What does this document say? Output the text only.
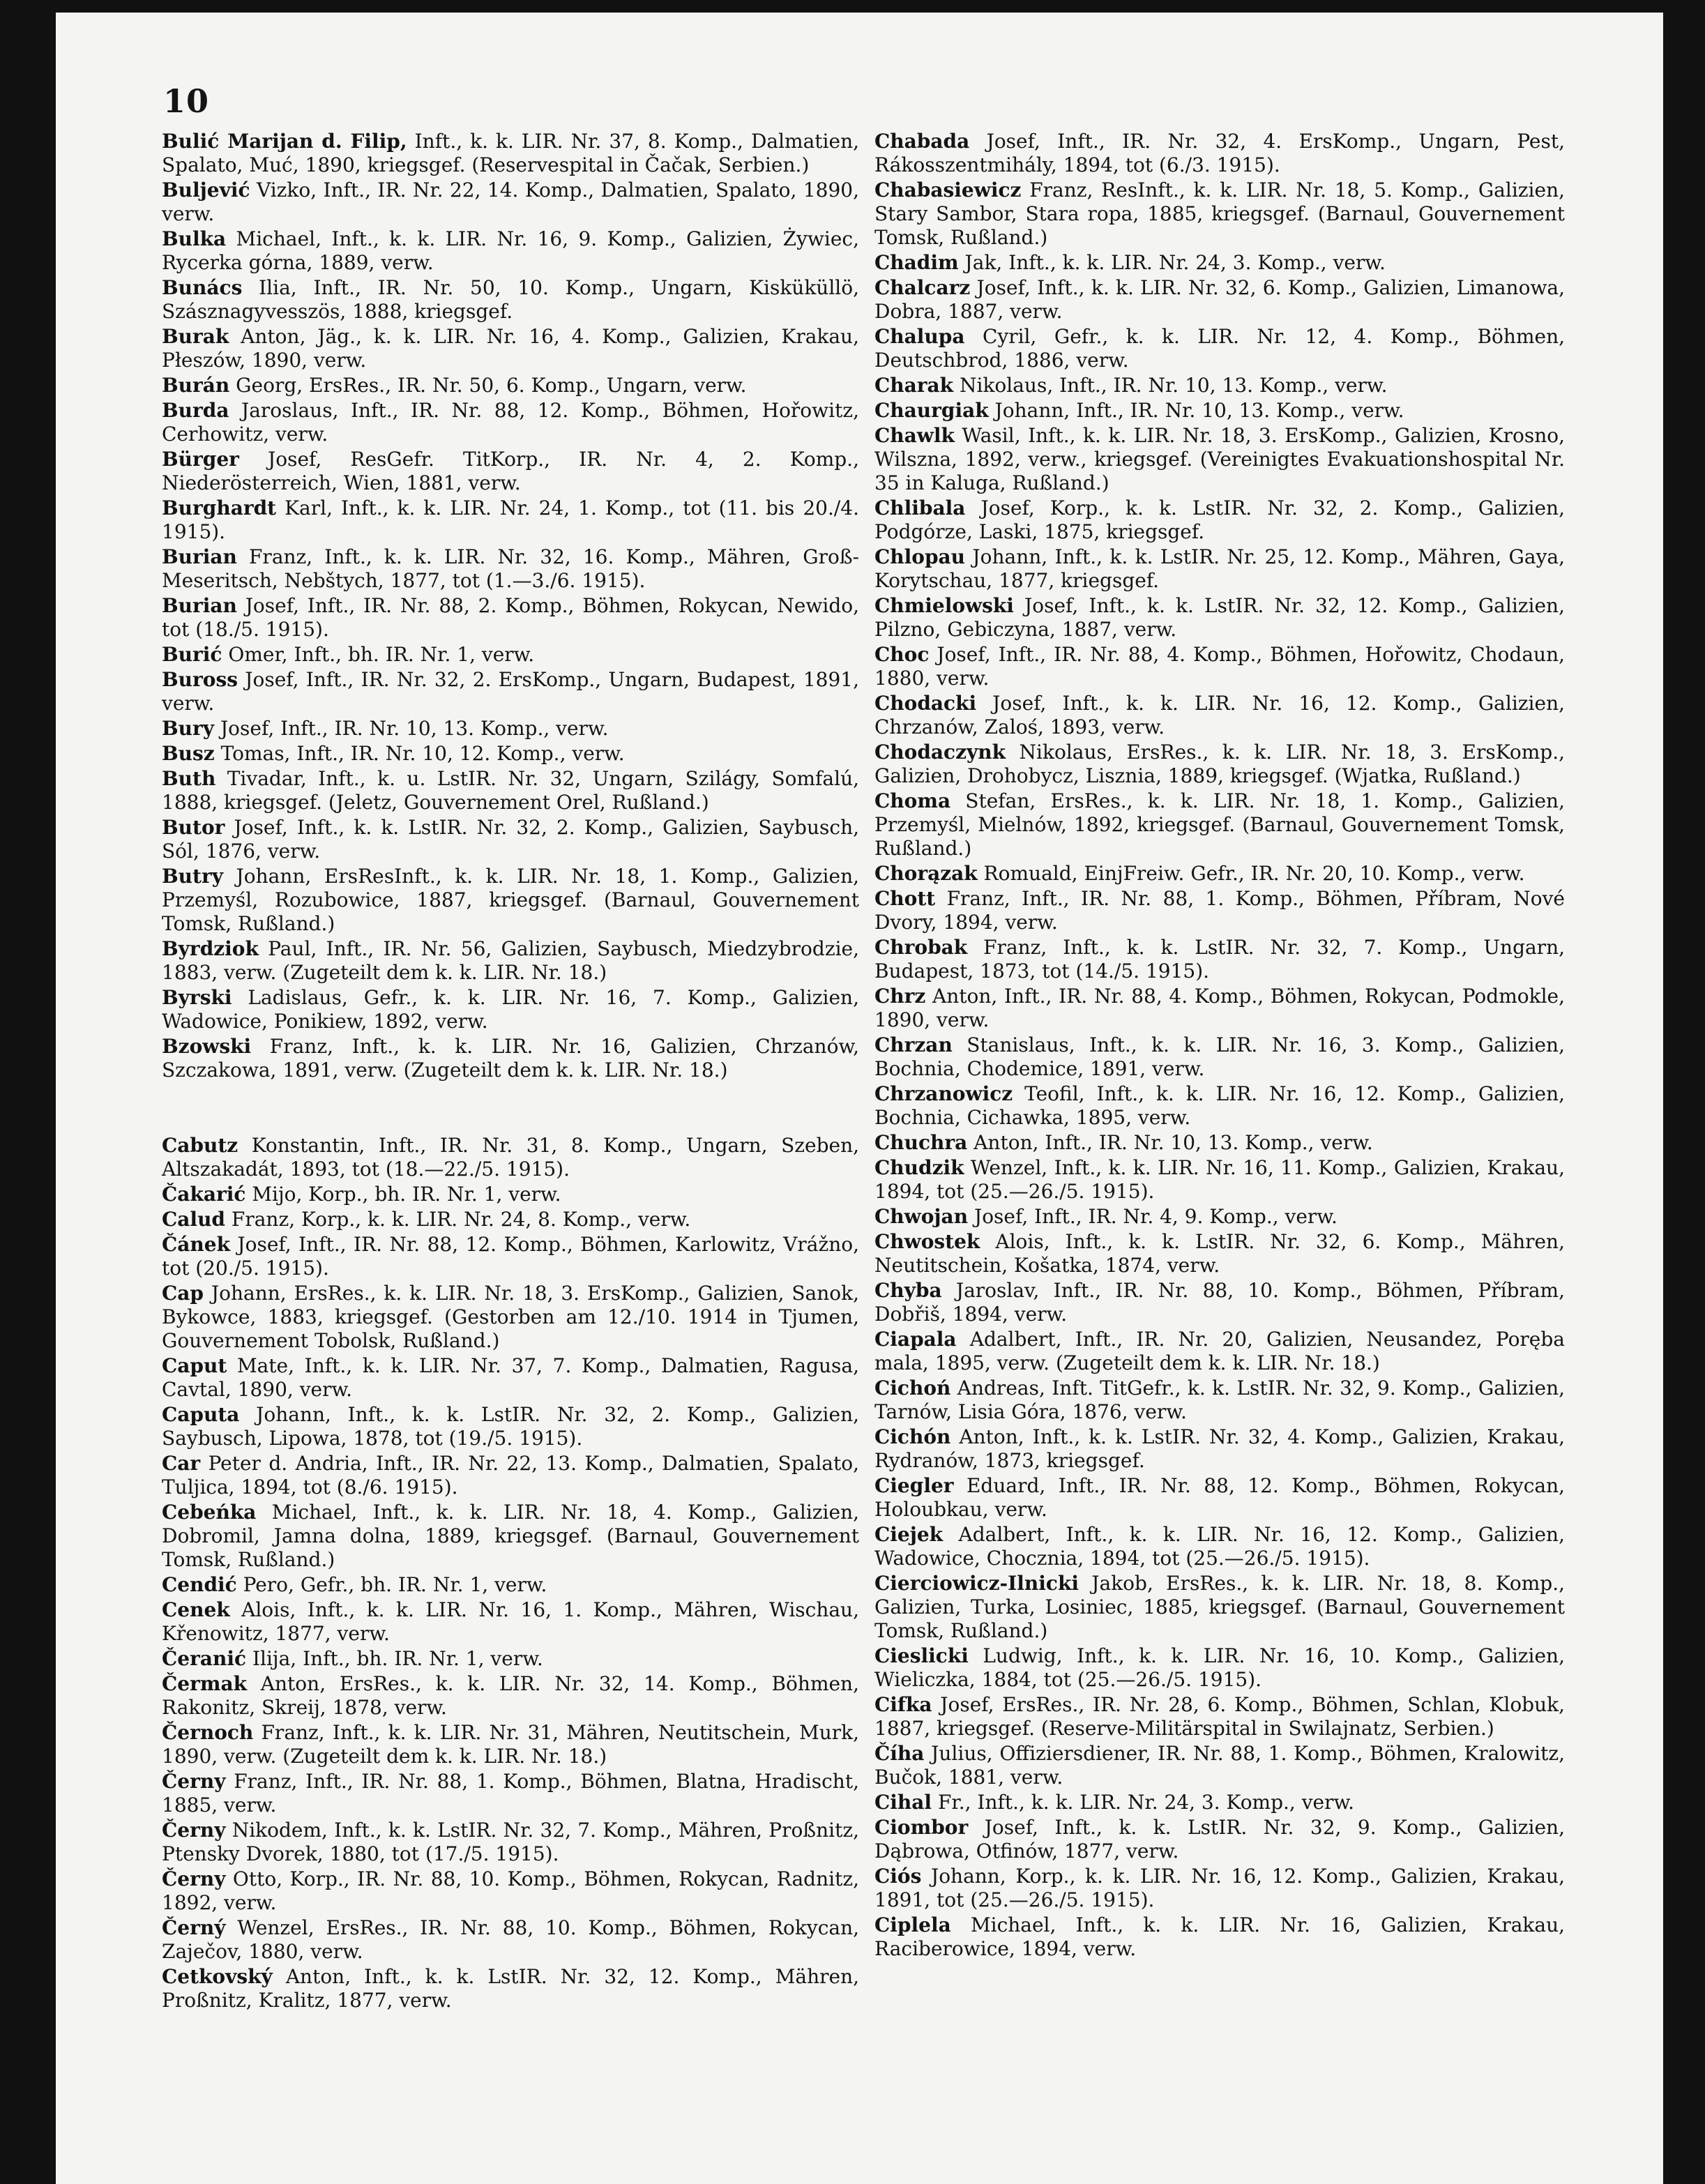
10
Bulić Marijan d. Filip, Inft., k. k. LIR. Nr. 37, 8. Komp., Dalmatien, Spalato, Muć, 1890, kriegsgef. (Reservespital in Čačak, Serbien.)
Buljević Vizko, Inft., IR. Nr. 22, 14. Komp., Dalmatien, Spalato, 1890, verw.
Bulka Michael, Inft., k. k. LIR. Nr. 16, 9. Komp., Galizien, Żywiec, Rycerka górna, 1889, verw.
Bunács Ilia, Inft., IR. Nr. 50, 10. Komp., Ungarn, Kisküküllö, Szásznagyvesszös, 1888, kriegsgef.
Burak Anton, Jäg., k. k. LIR. Nr. 16, 4. Komp., Galizien, Krakau, Płeszów, 1890, verw.
Burán Georg, ErsRes., IR. Nr. 50, 6. Komp., Ungarn, verw.
Burda Jaroslaus, Inft., IR. Nr. 88, 12. Komp., Böhmen, Hořowitz, Cerhowitz, verw.
Bürger Josef, ResGefr. TitKorp., IR. Nr. 4, 2. Komp., Niederösterreich, Wien, 1881, verw.
Burghardt Karl, Inft., k. k. LIR. Nr. 24, 1. Komp., tot (11. bis 20./4. 1915).
Burian Franz, Inft., k. k. LIR. Nr. 32, 16. Komp., Mähren, Groß-Meseritsch, Nebštych, 1877, tot (1.—3./6. 1915).
Burian Josef, Inft., IR. Nr. 88, 2. Komp., Böhmen, Rokycan, Newido, tot (18./5. 1915).
Burić Omer, Inft., bh. IR. Nr. 1, verw.
Buross Josef, Inft., IR. Nr. 32, 2. ErsKomp., Ungarn, Budapest, 1891, verw.
Bury Josef, Inft., IR. Nr. 10, 13. Komp., verw.
Busz Tomas, Inft., IR. Nr. 10, 12. Komp., verw.
Buth Tivadar, Inft., k. u. LstIR. Nr. 32, Ungarn, Szilágy, Somfalú, 1888, kriegsgef. (Jeletz, Gouvernement Orel, Rußland.)
Butor Josef, Inft., k. k. LstIR. Nr. 32, 2. Komp., Galizien, Saybusch, Sól, 1876, verw.
Butry Johann, ErsResInft., k. k. LIR. Nr. 18, 1. Komp., Galizien, Przemyśl, Rozubowice, 1887, kriegsgef. (Barnaul, Gouvernement Tomsk, Rußland.)
Byrdziok Paul, Inft., IR. Nr. 56, Galizien, Saybusch, Miedzybrodzie, 1883, verw. (Zugeteilt dem k. k. LIR. Nr. 18.)
Byrski Ladislaus, Gefr., k. k. LIR. Nr. 16, 7. Komp., Galizien, Wadowice, Ponikiew, 1892, verw.
Bzowski Franz, Inft., k. k. LIR. Nr. 16, Galizien, Chrzanów, Szczakowa, 1891, verw. (Zugeteilt dem k. k. LIR. Nr. 18.)
Cabutz Konstantin, Inft., IR. Nr. 31, 8. Komp., Ungarn, Szeben, Altszakadát, 1893, tot (18.—22./5. 1915).
Čakarić Mijo, Korp., bh. IR. Nr. 1, verw.
Calud Franz, Korp., k. k. LIR. Nr. 24, 8. Komp., verw.
Čánek Josef, Inft., IR. Nr. 88, 12. Komp., Böhmen, Karlowitz, Vrážno, tot (20./5. 1915).
Cap Johann, ErsRes., k. k. LIR. Nr. 18, 3. ErsKomp., Galizien, Sanok, Bykowce, 1883, kriegsgef. (Gestorben am 12./10. 1914 in Tjumen, Gouvernement Tobolsk, Rußland.)
Caput Mate, Inft., k. k. LIR. Nr. 37, 7. Komp., Dalmatien, Ragusa, Cavtal, 1890, verw.
Caputa Johann, Inft., k. k. LstIR. Nr. 32, 2. Komp., Galizien, Saybusch, Lipowa, 1878, tot (19./5. 1915).
Car Peter d. Andria, Inft., IR. Nr. 22, 13. Komp., Dalmatien, Spalato, Tuljica, 1894, tot (8./6. 1915).
Cebeńka Michael, Inft., k. k. LIR. Nr. 18, 4. Komp., Galizien, Dobromil, Jamna dolna, 1889, kriegsgef. (Barnaul, Gouvernement Tomsk, Rußland.)
Cendić Pero, Gefr., bh. IR. Nr. 1, verw.
Cenek Alois, Inft., k. k. LIR. Nr. 16, 1. Komp., Mähren, Wischau, Křenowitz, 1877, verw.
Čeranić Ilija, Inft., bh. IR. Nr. 1, verw.
Čermak Anton, ErsRes., k. k. LIR. Nr. 32, 14. Komp., Böhmen, Rakonitz, Skreij, 1878, verw.
Černoch Franz, Inft., k. k. LIR. Nr. 31, Mähren, Neutitschein, Murk, 1890, verw. (Zugeteilt dem k. k. LIR. Nr. 18.)
Černy Franz, Inft., IR. Nr. 88, 1. Komp., Böhmen, Blatna, Hradischt, 1885, verw.
Černy Nikodem, Inft., k. k. LstIR. Nr. 32, 7. Komp., Mähren, Proßnitz, Ptensky Dvorek, 1880, tot (17./5. 1915).
Černy Otto, Korp., IR. Nr. 88, 10. Komp., Böhmen, Rokycan, Radnitz, 1892, verw.
Černý Wenzel, ErsRes., IR. Nr. 88, 10. Komp., Böhmen, Rokycan, Zaječov, 1880, verw.
Cetkovský Anton, Inft., k. k. LstIR. Nr. 32, 12. Komp., Mähren, Proßnitz, Kralitz, 1877, verw.
Chabada Josef, Inft., IR. Nr. 32, 4. ErsKomp., Ungarn, Pest, Rákosszentmihály, 1894, tot (6./3. 1915).
Chabasiewicz Franz, ResInft., k. k. LIR. Nr. 18, 5. Komp., Galizien, Stary Sambor, Stara ropa, 1885, kriegsgef. (Barnaul, Gouvernement Tomsk, Rußland.)
Chadim Jak, Inft., k. k. LIR. Nr. 24, 3. Komp., verw.
Chalcarz Josef, Inft., k. k. LIR. Nr. 32, 6. Komp., Galizien, Limanowa, Dobra, 1887, verw.
Chalupa Cyril, Gefr., k. k. LIR. Nr. 12, 4. Komp., Böhmen, Deutschbrod, 1886, verw.
Charak Nikolaus, Inft., IR. Nr. 10, 13. Komp., verw.
Chaurgiak Johann, Inft., IR. Nr. 10, 13. Komp., verw.
Chawlk Wasil, Inft., k. k. LIR. Nr. 18, 3. ErsKomp., Galizien, Krosno, Wilszna, 1892, verw., kriegsgef. (Vereinigtes Evakuationshospital Nr. 35 in Kaluga, Rußland.)
Chlibala Josef, Korp., k. k. LstIR. Nr. 32, 2. Komp., Galizien, Podgórze, Laski, 1875, kriegsgef.
Chlopau Johann, Inft., k. k. LstIR. Nr. 25, 12. Komp., Mähren, Gaya, Korytschau, 1877, kriegsgef.
Chmielowski Josef, Inft., k. k. LstIR. Nr. 32, 12. Komp., Galizien, Pilzno, Gebiczyna, 1887, verw.
Choc Josef, Inft., IR. Nr. 88, 4. Komp., Böhmen, Hořowitz, Chodaun, 1880, verw.
Chodacki Josef, Inft., k. k. LIR. Nr. 16, 12. Komp., Galizien, Chrzanów, Zaloś, 1893, verw.
Chodaczynk Nikolaus, ErsRes., k. k. LIR. Nr. 18, 3. ErsKomp., Galizien, Drohobycz, Lisznia, 1889, kriegsgef. (Wjatka, Rußland.)
Choma Stefan, ErsRes., k. k. LIR. Nr. 18, 1. Komp., Galizien, Przemyśl, Mielnów, 1892, kriegsgef. (Barnaul, Gouvernement Tomsk, Rußland.)
Chorązak Romuald, EinjFreiw. Gefr., IR. Nr. 20, 10. Komp., verw.
Chott Franz, Inft., IR. Nr. 88, 1. Komp., Böhmen, Příbram, Nové Dvory, 1894, verw.
Chrobak Franz, Inft., k. k. LstIR. Nr. 32, 7. Komp., Ungarn, Budapest, 1873, tot (14./5. 1915).
Chrz Anton, Inft., IR. Nr. 88, 4. Komp., Böhmen, Rokycan, Podmokle, 1890, verw.
Chrzan Stanislaus, Inft., k. k. LIR. Nr. 16, 3. Komp., Galizien, Bochnia, Chodemice, 1891, verw.
Chrzanowicz Teofil, Inft., k. k. LIR. Nr. 16, 12. Komp., Galizien, Bochnia, Cichawka, 1895, verw.
Chuchra Anton, Inft., IR. Nr. 10, 13. Komp., verw.
Chudzik Wenzel, Inft., k. k. LIR. Nr. 16, 11. Komp., Galizien, Krakau, 1894, tot (25.—26./5. 1915).
Chwojan Josef, Inft., IR. Nr. 4, 9. Komp., verw.
Chwostek Alois, Inft., k. k. LstIR. Nr. 32, 6. Komp., Mähren, Neutitschein, Košatka, 1874, verw.
Chyba Jaroslav, Inft., IR. Nr. 88, 10. Komp., Böhmen, Příbram, Dobřiš, 1894, verw.
Ciapala Adalbert, Inft., IR. Nr. 20, Galizien, Neusandez, Poręba mala, 1895, verw. (Zugeteilt dem k. k. LIR. Nr. 18.)
Cichoń Andreas, Inft. TitGefr., k. k. LstIR. Nr. 32, 9. Komp., Galizien, Tarnów, Lisia Góra, 1876, verw.
Cichón Anton, Inft., k. k. LstIR. Nr. 32, 4. Komp., Galizien, Krakau, Rydranów, 1873, kriegsgef.
Ciegler Eduard, Inft., IR. Nr. 88, 12. Komp., Böhmen, Rokycan, Holoubkau, verw.
Ciejek Adalbert, Inft., k. k. LIR. Nr. 16, 12. Komp., Galizien, Wadowice, Chocznia, 1894, tot (25.—26./5. 1915).
Cierciowicz-Ilnicki Jakob, ErsRes., k. k. LIR. Nr. 18, 8. Komp., Galizien, Turka, Losiniec, 1885, kriegsgef. (Barnaul, Gouvernement Tomsk, Rußland.)
Cieslicki Ludwig, Inft., k. k. LIR. Nr. 16, 10. Komp., Galizien, Wieliczka, 1884, tot (25.—26./5. 1915).
Cifka Josef, ErsRes., IR. Nr. 28, 6. Komp., Böhmen, Schlan, Klobuk, 1887, kriegsgef. (Reserve-Militärspital in Swilajnatz, Serbien.)
Číha Julius, Offiziersdiener, IR. Nr. 88, 1. Komp., Böhmen, Kralowitz, Bučok, 1881, verw.
Cihal Fr., Inft., k. k. LIR. Nr. 24, 3. Komp., verw.
Ciombor Josef, Inft., k. k. LstIR. Nr. 32, 9. Komp., Galizien, Dąbrowa, Otfinów, 1877, verw.
Ciós Johann, Korp., k. k. LIR. Nr. 16, 12. Komp., Galizien, Krakau, 1891, tot (25.—26./5. 1915).
Ciplela Michael, Inft., k. k. LIR. Nr. 16, Galizien, Krakau, Raciberowice, 1894, verw.
